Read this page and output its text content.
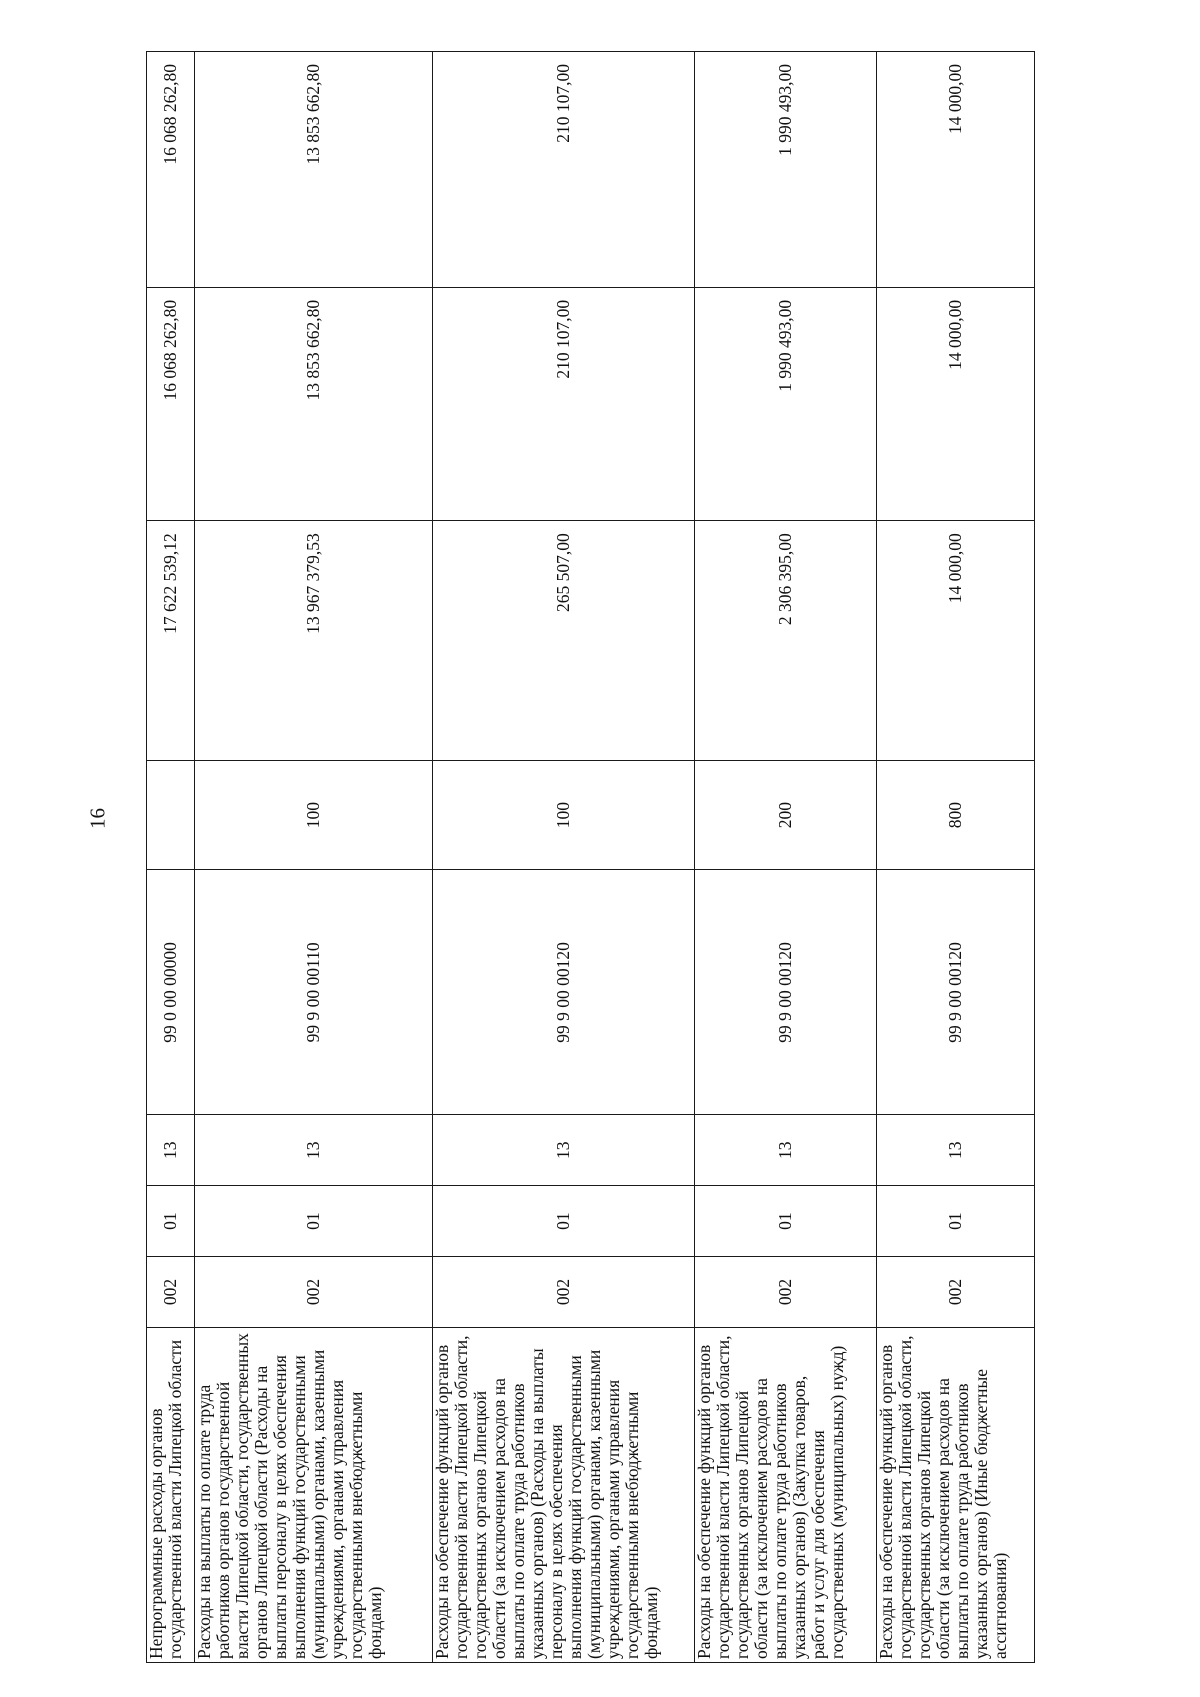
16
Непрограммные расходы органов государственной власти Липецкой области	002	01	13	99 0 00 00000		17 622 539,12	16 068 262,80	16 068 262,80
Расходы на выплаты по оплате труда работников органов государственной власти Липецкой области, государственных органов Липецкой области (Расходы на выплаты персоналу в целях обеспечения выполнения функций государственными (муниципальными) органами, казенными учреждениями, органами управления государственными внебюджетными фондами)	002	01	13	99 9 00 00110	100	13 967 379,53	13 853 662,80	13 853 662,80
Расходы на обеспечение функций органов государственной власти Липецкой области, государственных органов Липецкой области (за исключением расходов на выплаты по оплате труда работников указанных органов) (Расходы на выплаты персоналу в целях обеспечения выполнения функций государственными (муниципальными) органами, казенными учреждениями, органами управления государственными внебюджетными фондами)	002	01	13	99 9 00 00120	100	265 507,00	210 107,00	210 107,00
Расходы на обеспечение функций органов государственной власти Липецкой области, государственных органов Липецкой области (за исключением расходов на выплаты по оплате труда работников указанных органов) (Закупка товаров, работ и услуг для обеспечения государственных (муниципальных) нужд)	002	01	13	99 9 00 00120	200	2 306 395,00	1 990 493,00	1 990 493,00
Расходы на обеспечение функций органов государственной власти Липецкой области, государственных органов Липецкой области (за исключением расходов на выплаты по оплате труда работников указанных органов) (Иные бюджетные ассигнования)	002	01	13	99 9 00 00120	800	14 000,00	14 000,00	14 000,00
